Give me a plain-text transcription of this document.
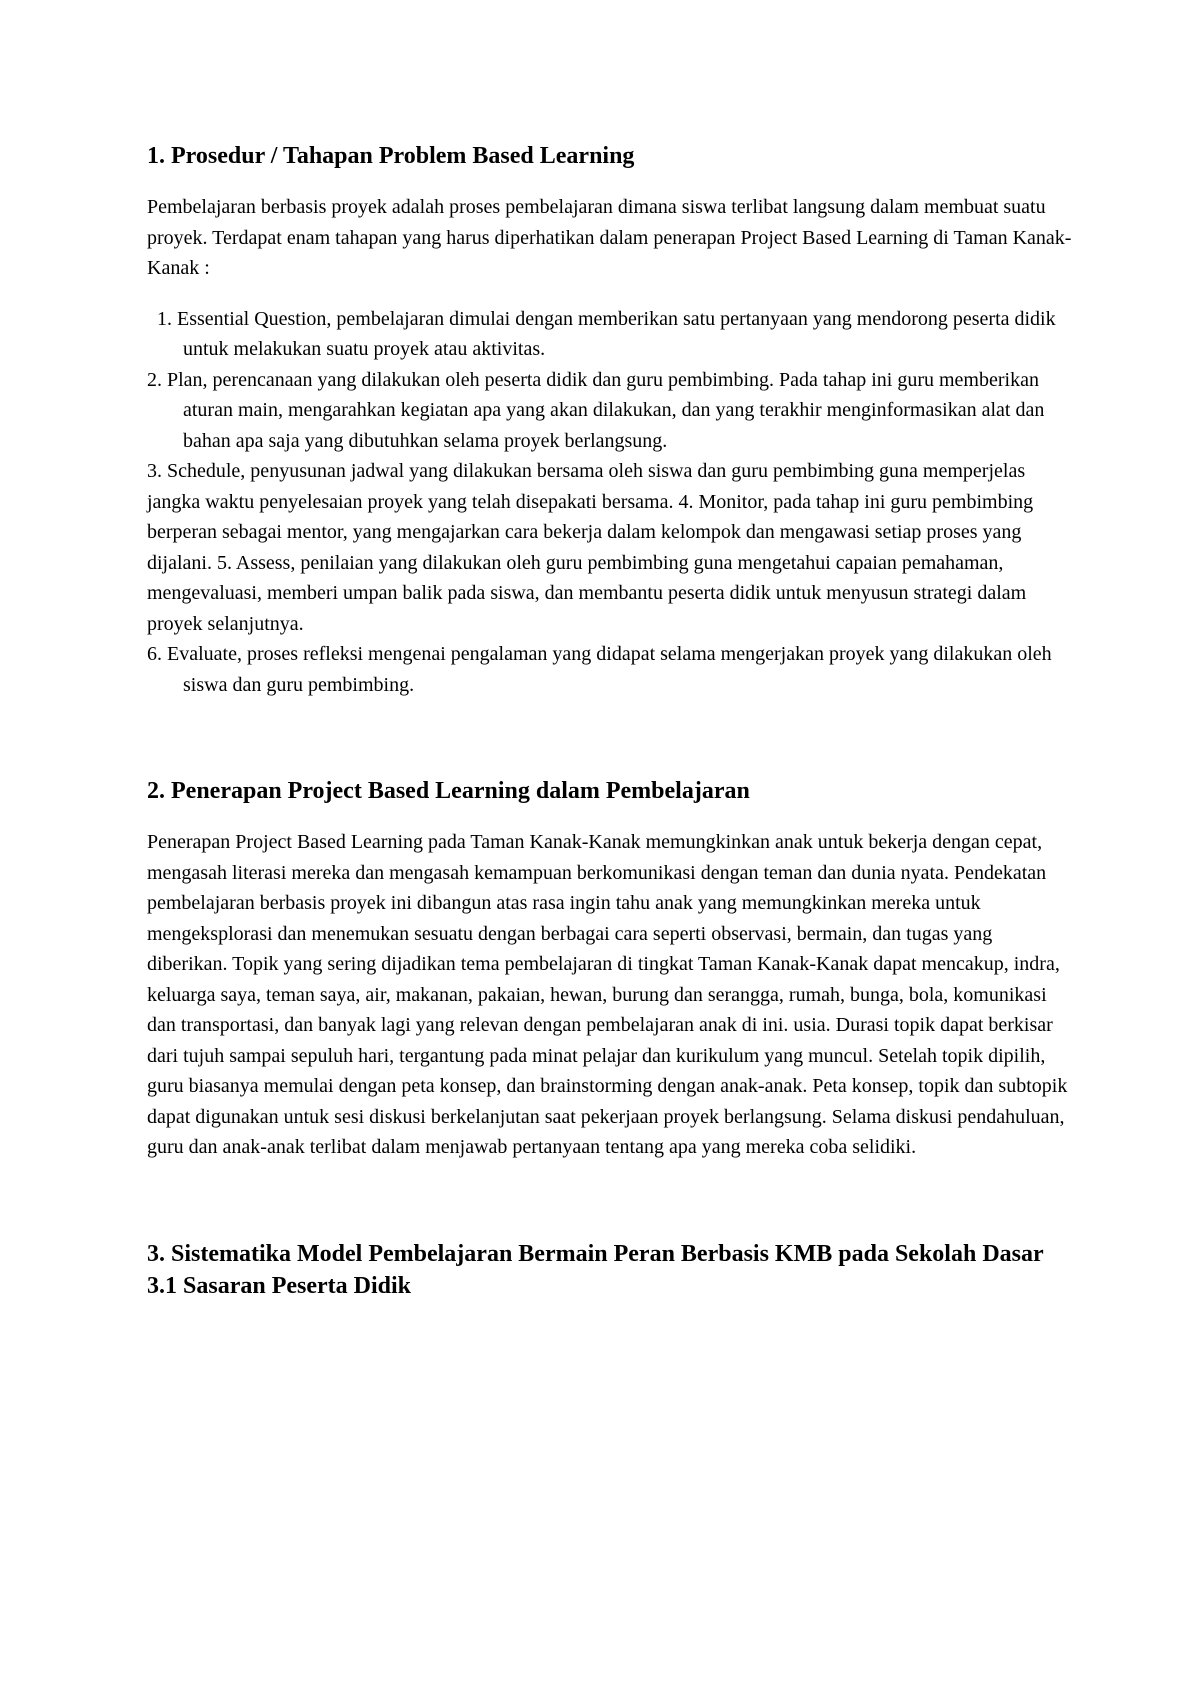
1. Prosedur / Tahapan Problem Based Learning

Pembelajaran berbasis proyek adalah proses pembelajaran dimana siswa terlibat langsung dalam membuat suatu proyek. Terdapat enam tahapan yang harus diperhatikan dalam penerapan Project Based Learning di Taman Kanak-Kanak :

1. Essential Question, pembelajaran dimulai dengan memberikan satu pertanyaan yang mendorong peserta didik untuk melakukan suatu proyek atau aktivitas.

2. Plan, perencanaan yang dilakukan oleh peserta didik dan guru pembimbing. Pada tahap ini guru memberikan aturan main, mengarahkan kegiatan apa yang akan dilakukan, dan yang terakhir menginformasikan alat dan bahan apa saja yang dibutuhkan selama proyek berlangsung.

3. Schedule, penyusunan jadwal yang dilakukan bersama oleh siswa dan guru pembimbing guna memperjelas jangka waktu penyelesaian proyek yang telah disepakati bersama. 4. Monitor, pada tahap ini guru pembimbing berperan sebagai mentor, yang mengajarkan cara bekerja dalam kelompok dan mengawasi setiap proses yang dijalani. 5. Assess, penilaian yang dilakukan oleh guru pembimbing guna mengetahui capaian pemahaman, mengevaluasi, memberi umpan balik pada siswa, dan membantu peserta didik untuk menyusun strategi dalam proyek selanjutnya.

6. Evaluate, proses refleksi mengenai pengalaman yang didapat selama mengerjakan proyek yang dilakukan oleh siswa dan guru pembimbing.

2. Penerapan Project Based Learning dalam Pembelajaran

Penerapan Project Based Learning pada Taman Kanak-Kanak memungkinkan anak untuk bekerja dengan cepat, mengasah literasi mereka dan mengasah kemampuan berkomunikasi dengan teman dan dunia nyata. Pendekatan pembelajaran berbasis proyek ini dibangun atas rasa ingin tahu anak yang memungkinkan mereka untuk mengeksplorasi dan menemukan sesuatu dengan berbagai cara seperti observasi, bermain, dan tugas yang diberikan. Topik yang sering dijadikan tema pembelajaran di tingkat Taman Kanak-Kanak dapat mencakup, indra, keluarga saya, teman saya, air, makanan, pakaian, hewan, burung dan serangga, rumah, bunga, bola, komunikasi dan transportasi, dan banyak lagi yang relevan dengan pembelajaran anak di ini. usia. Durasi topik dapat berkisar dari tujuh sampai sepuluh hari, tergantung pada minat pelajar dan kurikulum yang muncul. Setelah topik dipilih, guru biasanya memulai dengan peta konsep, dan brainstorming dengan anak-anak. Peta konsep, topik dan subtopik dapat digunakan untuk sesi diskusi berkelanjutan saat pekerjaan proyek berlangsung. Selama diskusi pendahuluan, guru dan anak-anak terlibat dalam menjawab pertanyaan tentang apa yang mereka coba selidiki.

3. Sistematika Model Pembelajaran Bermain Peran Berbasis KMB pada Sekolah Dasar
3.1 Sasaran Peserta Didik
